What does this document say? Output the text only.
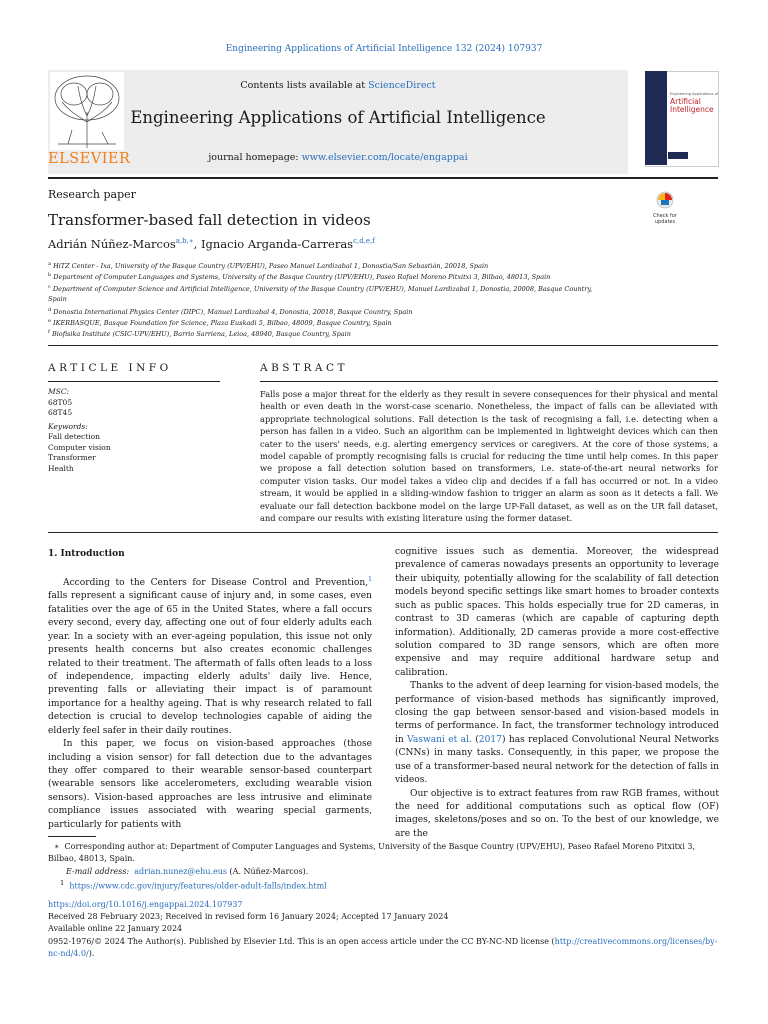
Engineering Applications of Artificial Intelligence 132 (2024) 107937
ELSEVIER
Contents lists available at ScienceDirect
Engineering Applications of Artificial Intelligence
journal homepage: www.elsevier.com/locate/engappai
Engineering Applications of
Artificial
Intelligence
Research paper
Transformer-based fall detection in videos
Adrián Núñez-Marcos$^{a,b,∗}$, Ignacio Arganda-Carreras$^{c,d,e,f}$
Check for updates
$^a$ HiTZ Center - Ixa, University of the Basque Country (UPV/EHU), Paseo Manuel Lardizabal 1, Donostia/San Sebastián, 20018, Spain
$^b$ Department of Computer Languages and Systems, University of the Basque Country (UPV/EHU), Paseo Rafael Moreno Pitxitxi 3, Bilbao, 48013, Spain
$^c$ Department of Computer Science and Artificial Intelligence, University of the Basque Country (UPV/EHU), Manuel Lardizabal 1, Donostia, 20008, Basque Country, Spain
$^d$ Donostia International Physics Center (DIPC), Manuel Lardizabal 4, Donostia, 20018, Basque Country, Spain
$^e$ IKERBASQUE, Basque Foundation for Science, Plaza Euskadi 5, Bilbao, 48009, Basque Country, Spain
$^f$ Biofisika Institute (CSIC-UPV/EHU), Barrio Sarriena, Leioa, 48940, Basque Country, Spain
ARTICLE INFO
MSC:
68T05
68T45
Keywords:
Fall detection
Computer vision
Transformer
Health
ABSTRACT

Falls pose a major threat for the elderly as they result in severe consequences for their physical and mental health or even death in the worst-case scenario. Nonetheless, the impact of falls can be alleviated with appropriate technological solutions. Fall detection is the task of recognising a fall, i.e. detecting when a person has fallen in a video. Such an algorithm can be implemented in lightweight devices which can then cater to the users' needs, e.g. alerting emergency services or caregivers. At the core of those systems, a model capable of promptly recognising falls is crucial for reducing the time until help comes. In this paper we propose a fall detection solution based on transformers, i.e. state-of-the-art neural networks for computer vision tasks. Our model takes a video clip and decides if a fall has occurred or not. In a video stream, it would be applied in a sliding-window fashion to trigger an alarm as soon as it detects a fall. We evaluate our fall detection backbone model on the large UP-Fall dataset, as well as on the UR fall dataset, and compare our results with existing literature using the former dataset.

1. Introduction

According to the Centers for Disease Control and Prevention,$^1$ falls represent a significant cause of injury and, in some cases, even fatalities over the age of 65 in the United States, where a fall occurs every second, every day, affecting one out of four elderly adults each year. In a society with an ever-ageing population, this issue not only presents health concerns but also creates economic challenges related to their treatment. The aftermath of falls often leads to a loss of independence, impacting elderly adults' daily live. Hence, preventing falls or alleviating their impact is of paramount importance for a healthy ageing. That is why research related to fall detection is crucial to develop technologies capable of aiding the elderly feel safer in their daily routines.

In this paper, we focus on vision-based approaches (those including a vision sensor) for fall detection due to the advantages they offer compared to their wearable sensor-based counterpart (wearable sensors like accelerometers, excluding wearable vision sensors). Vision-based approaches are less intrusive and eliminate compliance issues associated with wearing special garments, particularly for patients with

cognitive issues such as dementia. Moreover, the widespread prevalence of cameras nowadays presents an opportunity to leverage their ubiquity, potentially allowing for the scalability of fall detection models beyond specific settings like smart homes to broader contexts such as public spaces. This holds especially true for 2D cameras, in contrast to 3D cameras (which are capable of capturing depth information). Additionally, 2D cameras provide a more cost-effective solution compared to 3D range sensors, which are often more expensive and may require additional hardware setup and calibration.

Thanks to the advent of deep learning for vision-based models, the performance of vision-based methods has significantly improved, closing the gap between sensor-based and vision-based models in terms of performance. In fact, the transformer technology introduced in Vaswani et al. (2017) has replaced Convolutional Neural Networks (CNNs) in many tasks. Consequently, in this paper, we propose the use of a transformer-based neural network for the detection of falls in videos.

Our objective is to extract features from raw RGB frames, without the need for additional computations such as optical flow (OF) images, skeletons/poses and so on. To the best of our knowledge, we are the

∗ Corresponding author at: Department of Computer Languages and Systems, University of the Basque Country (UPV/EHU), Paseo Rafael Moreno Pitxitxi 3, Bilbao, 48013, Spain.
E-mail address: adrian.nunez@ehu.eus (A. Núñez-Marcos).
$^1$ https://www.cdc.gov/injury/features/older-adult-falls/index.html
https://doi.org/10.1016/j.engappai.2024.107937
Received 28 February 2023; Received in revised form 16 January 2024; Accepted 17 January 2024
Available online 22 January 2024

0952-1976/© 2024 The Author(s). Published by Elsevier Ltd. This is an open access article under the CC BY-NC-ND license (http://creativecommons.org/licenses/by-nc-nd/4.0/).
